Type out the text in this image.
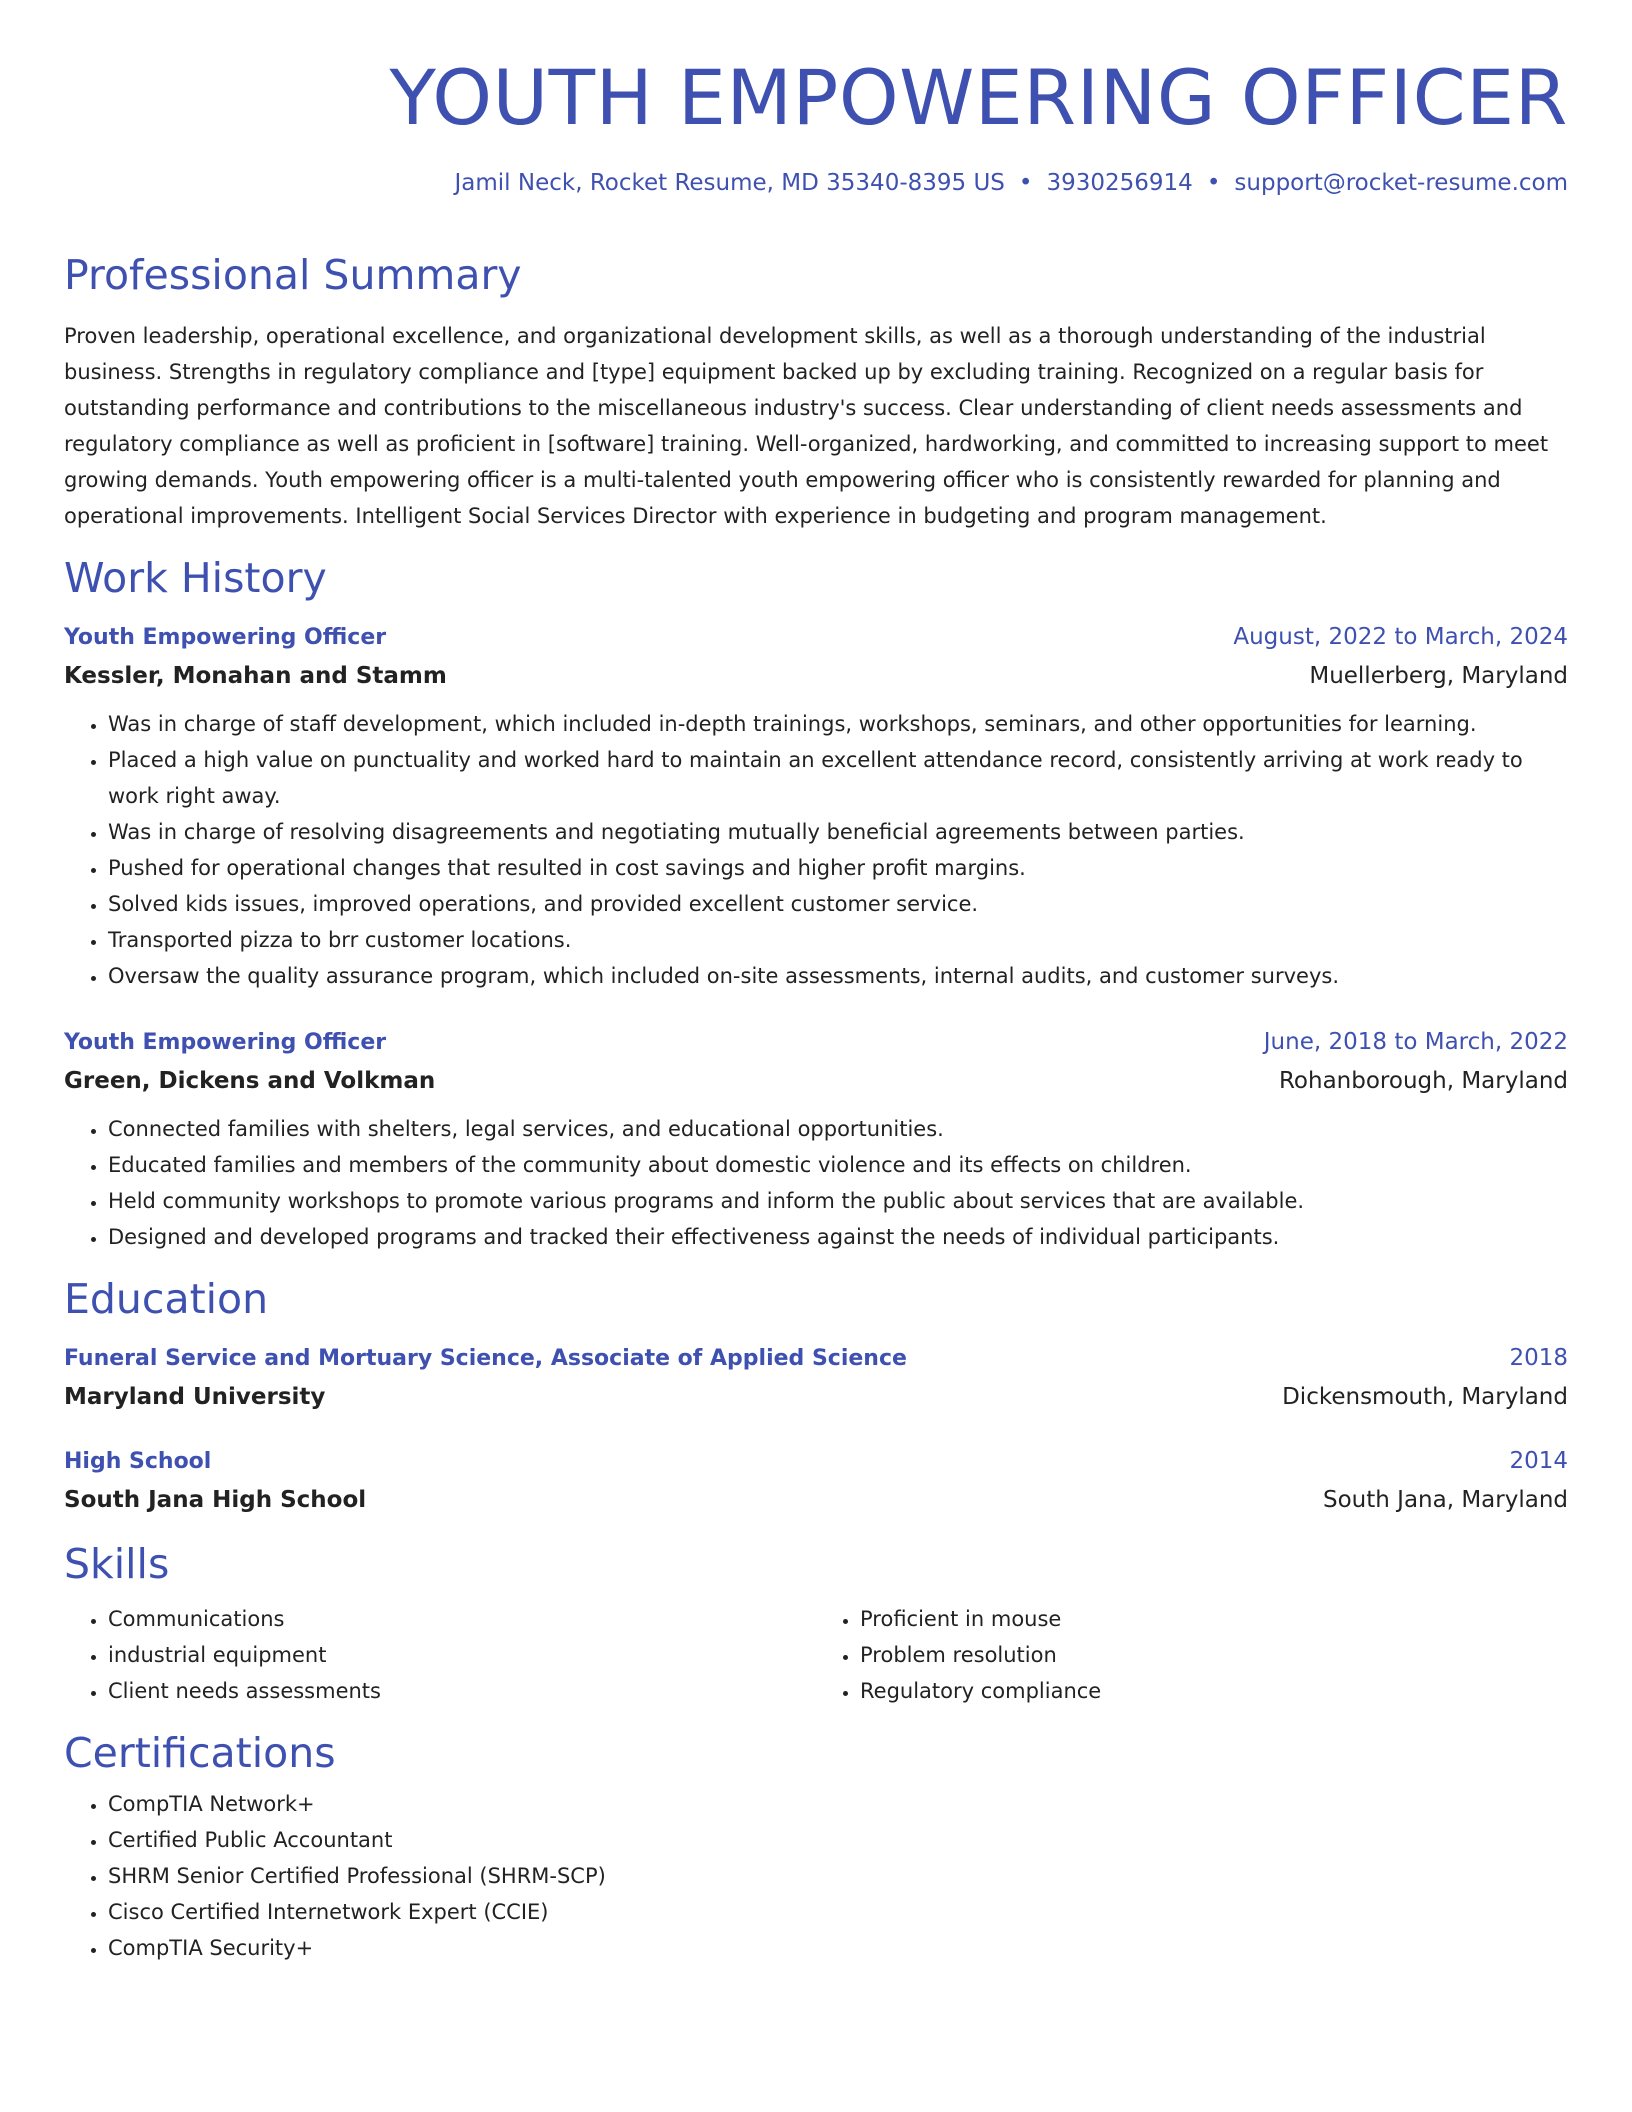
YOUTH EMPOWERING OFFICER
Jamil Neck, Rocket Resume, MD 35340-8395 US • 3930256914 • support@rocket-resume.com
Professional Summary

Proven leadership, operational excellence, and organizational development skills, as well as a thorough understanding of the industrial business. Strengths in regulatory compliance and [type] equipment backed up by excluding training. Recognized on a regular basis for outstanding performance and contributions to the miscellaneous industry's success. Clear understanding of client needs assessments and regulatory compliance as well as proficient in [software] training. Well-organized, hardworking, and committed to increasing support to meet growing demands. Youth empowering officer is a multi-talented youth empowering officer who is consistently rewarded for planning and operational improvements. Intelligent Social Services Director with experience in budgeting and program management.

Work History
Youth Empowering Officer	August, 2022 to March, 2024
Kessler, Monahan and Stamm	Muellerberg, Maryland
• Was in charge of staff development, which included in-depth trainings, workshops, seminars, and other opportunities for learning.
• Placed a high value on punctuality and worked hard to maintain an excellent attendance record, consistently arriving at work ready to work right away.
• Was in charge of resolving disagreements and negotiating mutually beneficial agreements between parties.
• Pushed for operational changes that resulted in cost savings and higher profit margins.
• Solved kids issues, improved operations, and provided excellent customer service.
• Transported pizza to brr customer locations.
• Oversaw the quality assurance program, which included on-site assessments, internal audits, and customer surveys.
Youth Empowering Officer	June, 2018 to March, 2022
Green, Dickens and Volkman	Rohanborough, Maryland
• Connected families with shelters, legal services, and educational opportunities.
• Educated families and members of the community about domestic violence and its effects on children.
• Held community workshops to promote various programs and inform the public about services that are available.
• Designed and developed programs and tracked their effectiveness against the needs of individual participants.
Education
Funeral Service and Mortuary Science, Associate of Applied Science	2018
Maryland University	Dickensmouth, Maryland
High School	2014
South Jana High School	South Jana, Maryland
Skills
• Communications
• industrial equipment
• Client needs assessments
• Proficient in mouse
• Problem resolution
• Regulatory compliance
Certifications
• CompTIA Network+
• Certified Public Accountant
• SHRM Senior Certified Professional (SHRM-SCP)
• Cisco Certified Internetwork Expert (CCIE)
• CompTIA Security+
